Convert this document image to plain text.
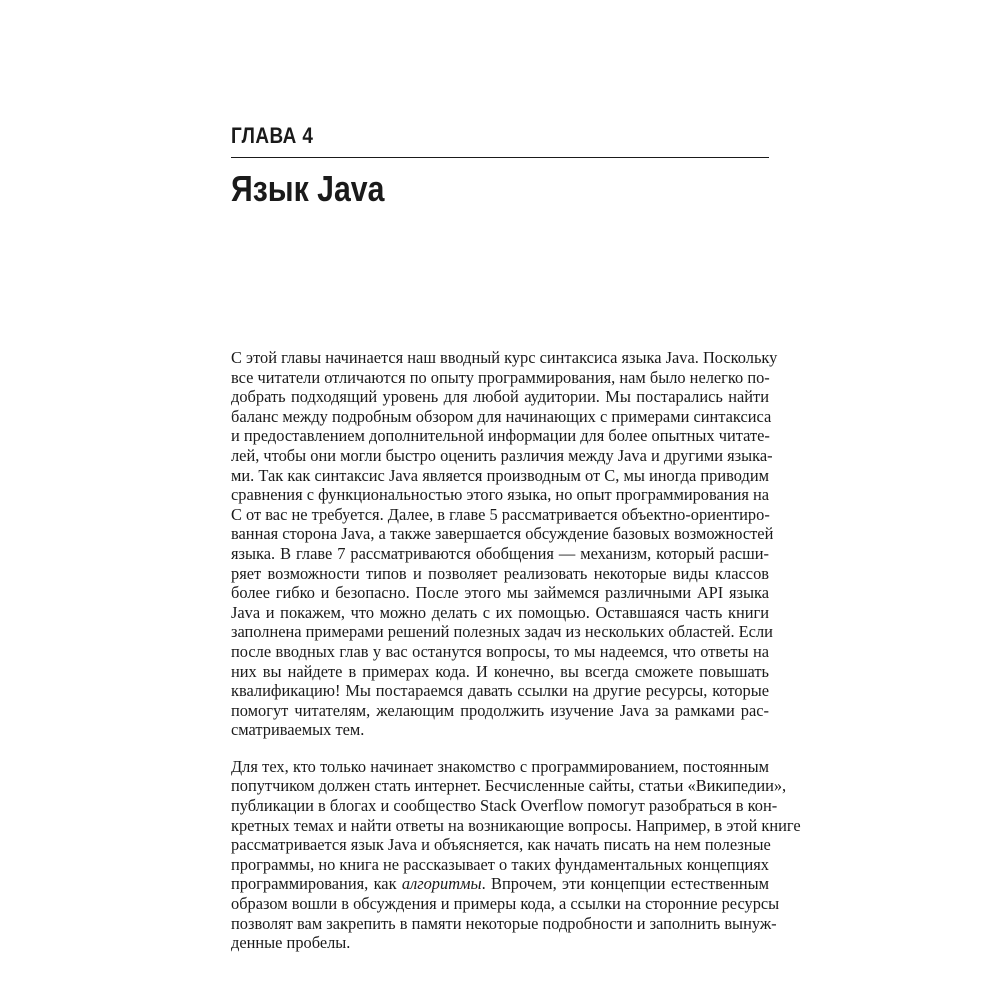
ГЛАВА 4
Язык Java
С этой главы начинается наш вводный курс синтаксиса языка Java. Поскольку
все читатели отличаются по опыту программирования, нам было нелегко по-
добрать подходящий уровень для любой аудитории. Мы постарались найти
баланс между подробным обзором для начинающих с примерами синтаксиса
и предоставлением дополнительной информации для более опытных читате-
лей, чтобы они могли быстро оценить различия между Java и другими языка-
ми. Так как синтаксис Java является производным от C, мы иногда приводим
сравнения с функциональностью этого языка, но опыт программирования на
C от вас не требуется. Далее, в главе 5 рассматривается объектно-ориентиро-
ванная сторона Java, а также завершается обсуждение базовых возможностей
языка. В главе 7 рассматриваются обобщения — механизм, который расши-
ряет возможности типов и позволяет реализовать некоторые виды классов
более гибко и безопасно. После этого мы займемся различными API языка
Java и покажем, что можно делать с их помощью. Оставшаяся часть книги
заполнена примерами решений полезных задач из нескольких областей. Если
после вводных глав у вас останутся вопросы, то мы надеемся, что ответы на
них вы найдете в примерах кода. И конечно, вы всегда сможете повышать
квалификацию! Мы постараемся давать ссылки на другие ресурсы, которые
помогут читателям, желающим продолжить изучение Java за рамками рас-
сматриваемых тем.
Для тех, кто только начинает знакомство с программированием, постоянным
попутчиком должен стать интернет. Бесчисленные сайты, статьи «Википедии»,
публикации в блогах и сообщество Stack Overflow помогут разобраться в кон-
кретных темах и найти ответы на возникающие вопросы. Например, в этой книге
рассматривается язык Java и объясняется, как начать писать на нем полезные
программы, но книга не рассказывает о таких фундаментальных концепциях
программирования, как алгоритмы. Впрочем, эти концепции естественным
образом вошли в обсуждения и примеры кода, а ссылки на сторонние ресурсы
позволят вам закрепить в памяти некоторые подробности и заполнить вынуж-
денные пробелы.
